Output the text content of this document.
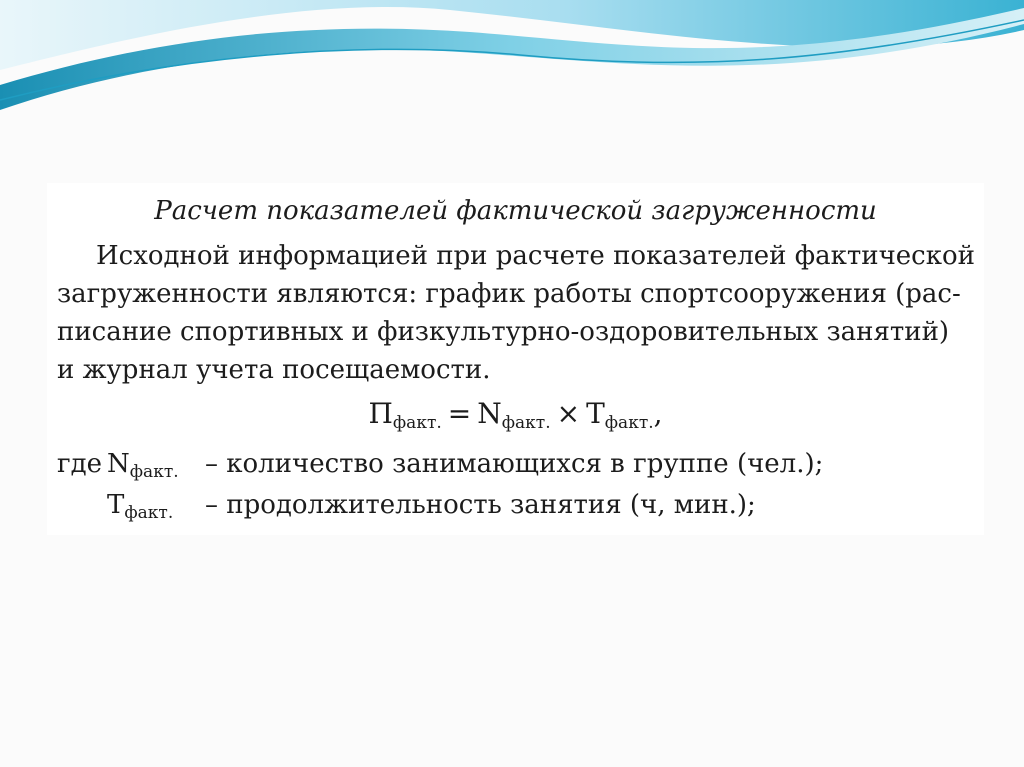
Расчет показателей фактической загруженности
Исходной информацией при расчете показателей фактической
загруженности являются: график работы спортсооружения (рас-
писание спортивных и физкультурно-оздоровительных занятий)
и журнал учета посещаемости.
$П_{факт.} = N_{факт.} \times T_{факт.}$,
где $N_{факт.}$ – количество занимающихся в группе (чел.);
$T_{факт.}$ – продолжительность занятия (ч, мин.);
